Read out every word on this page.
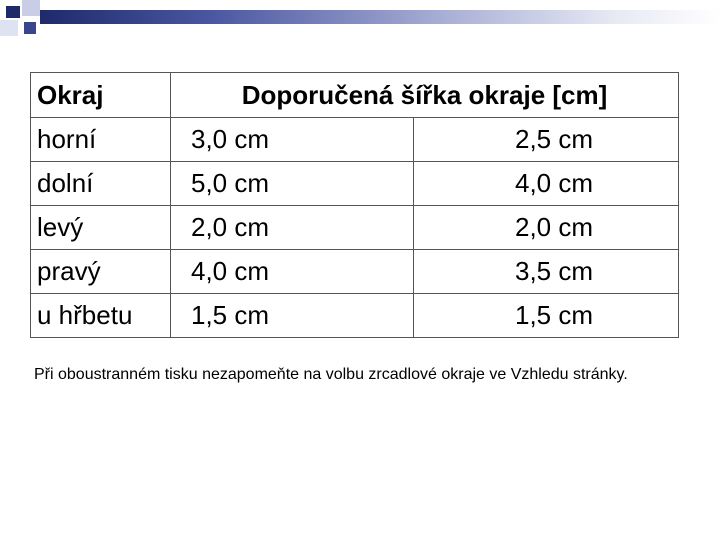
Okraj	Doporučená šířka okraje [cm]	
horní	3,0 cm	2,5 cm
dolní	5,0 cm	4,0 cm
levý	2,0 cm	2,0 cm
pravý	4,0 cm	3,5 cm
u hřbetu	1,5 cm	1,5 cm
Při oboustranném tisku nezapomeňte na volbu zrcadlové okraje ve Vzhledu stránky.
